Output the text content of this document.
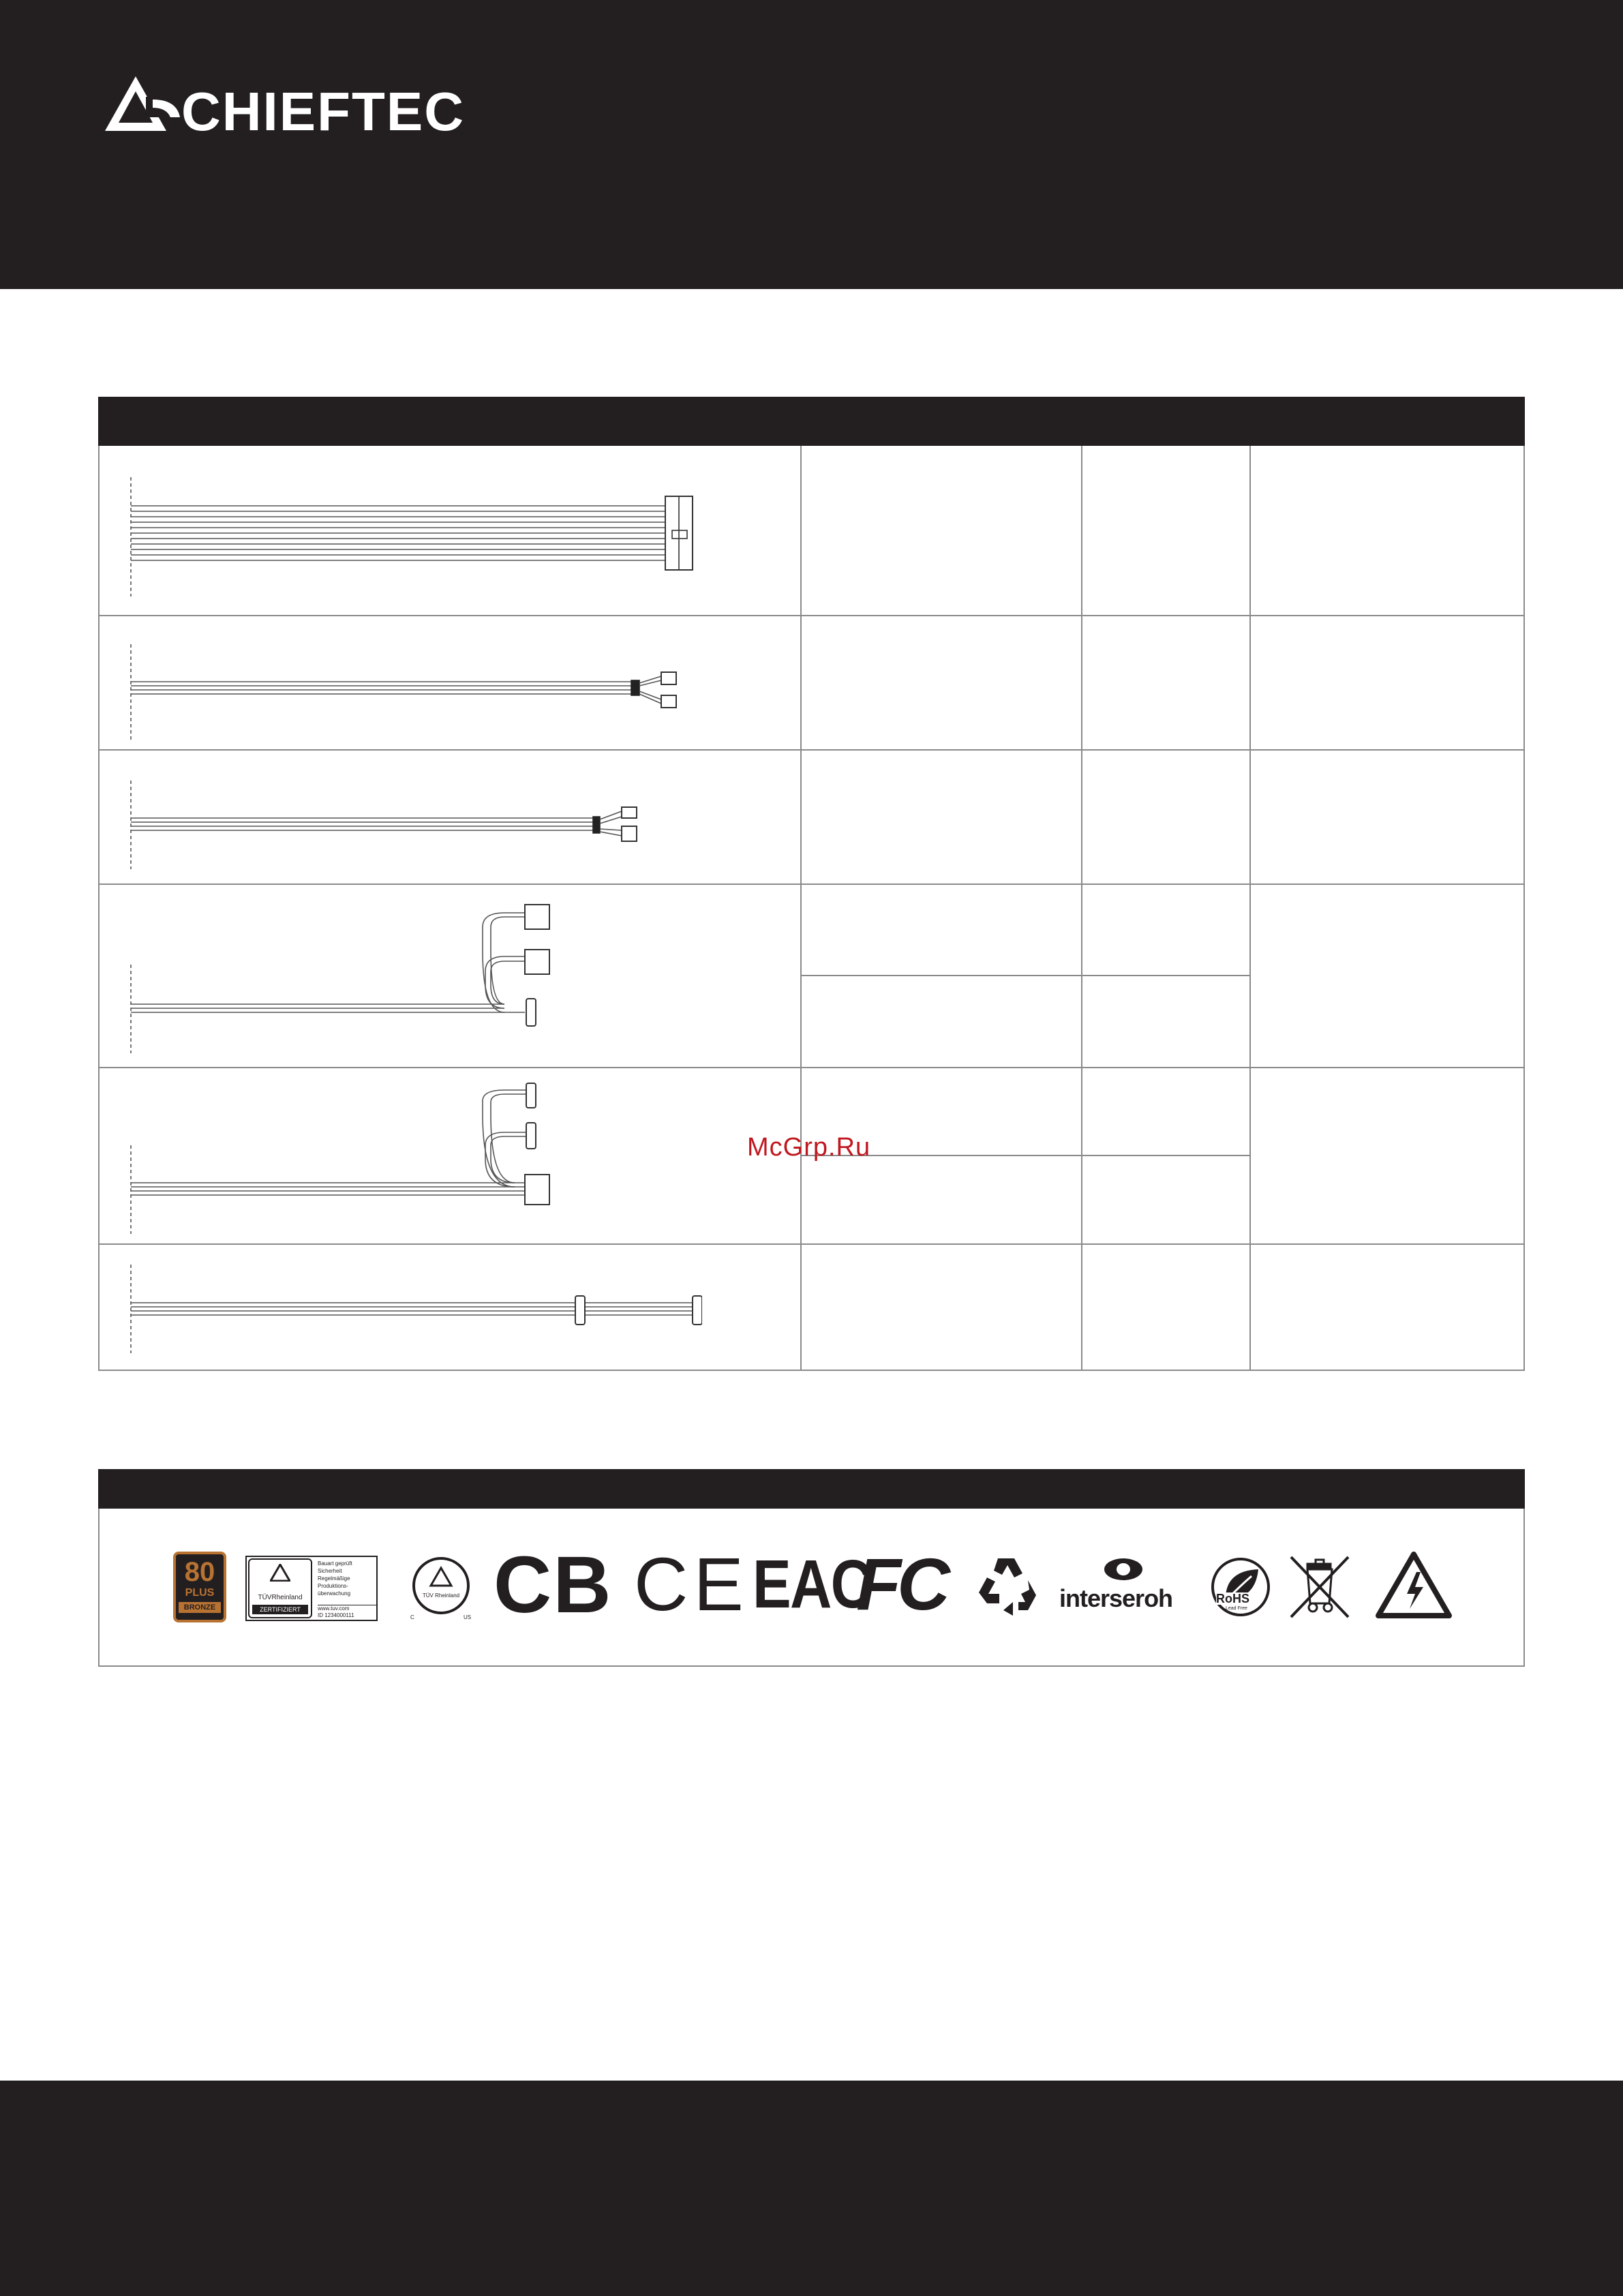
CHIEFTEC
McGrp.Ru
80
PLUS
BRONZE
TÜVRheinland
ZERTIFIZIERT
Bauart geprüft
Sicherheit
Regelmäßige
Produktions-
überwachung
www.tuv.com
ID 1234000111
TÜV Rheinland
C	US CB CE EAC
FC	interseroh	RoHS
Lead Free
